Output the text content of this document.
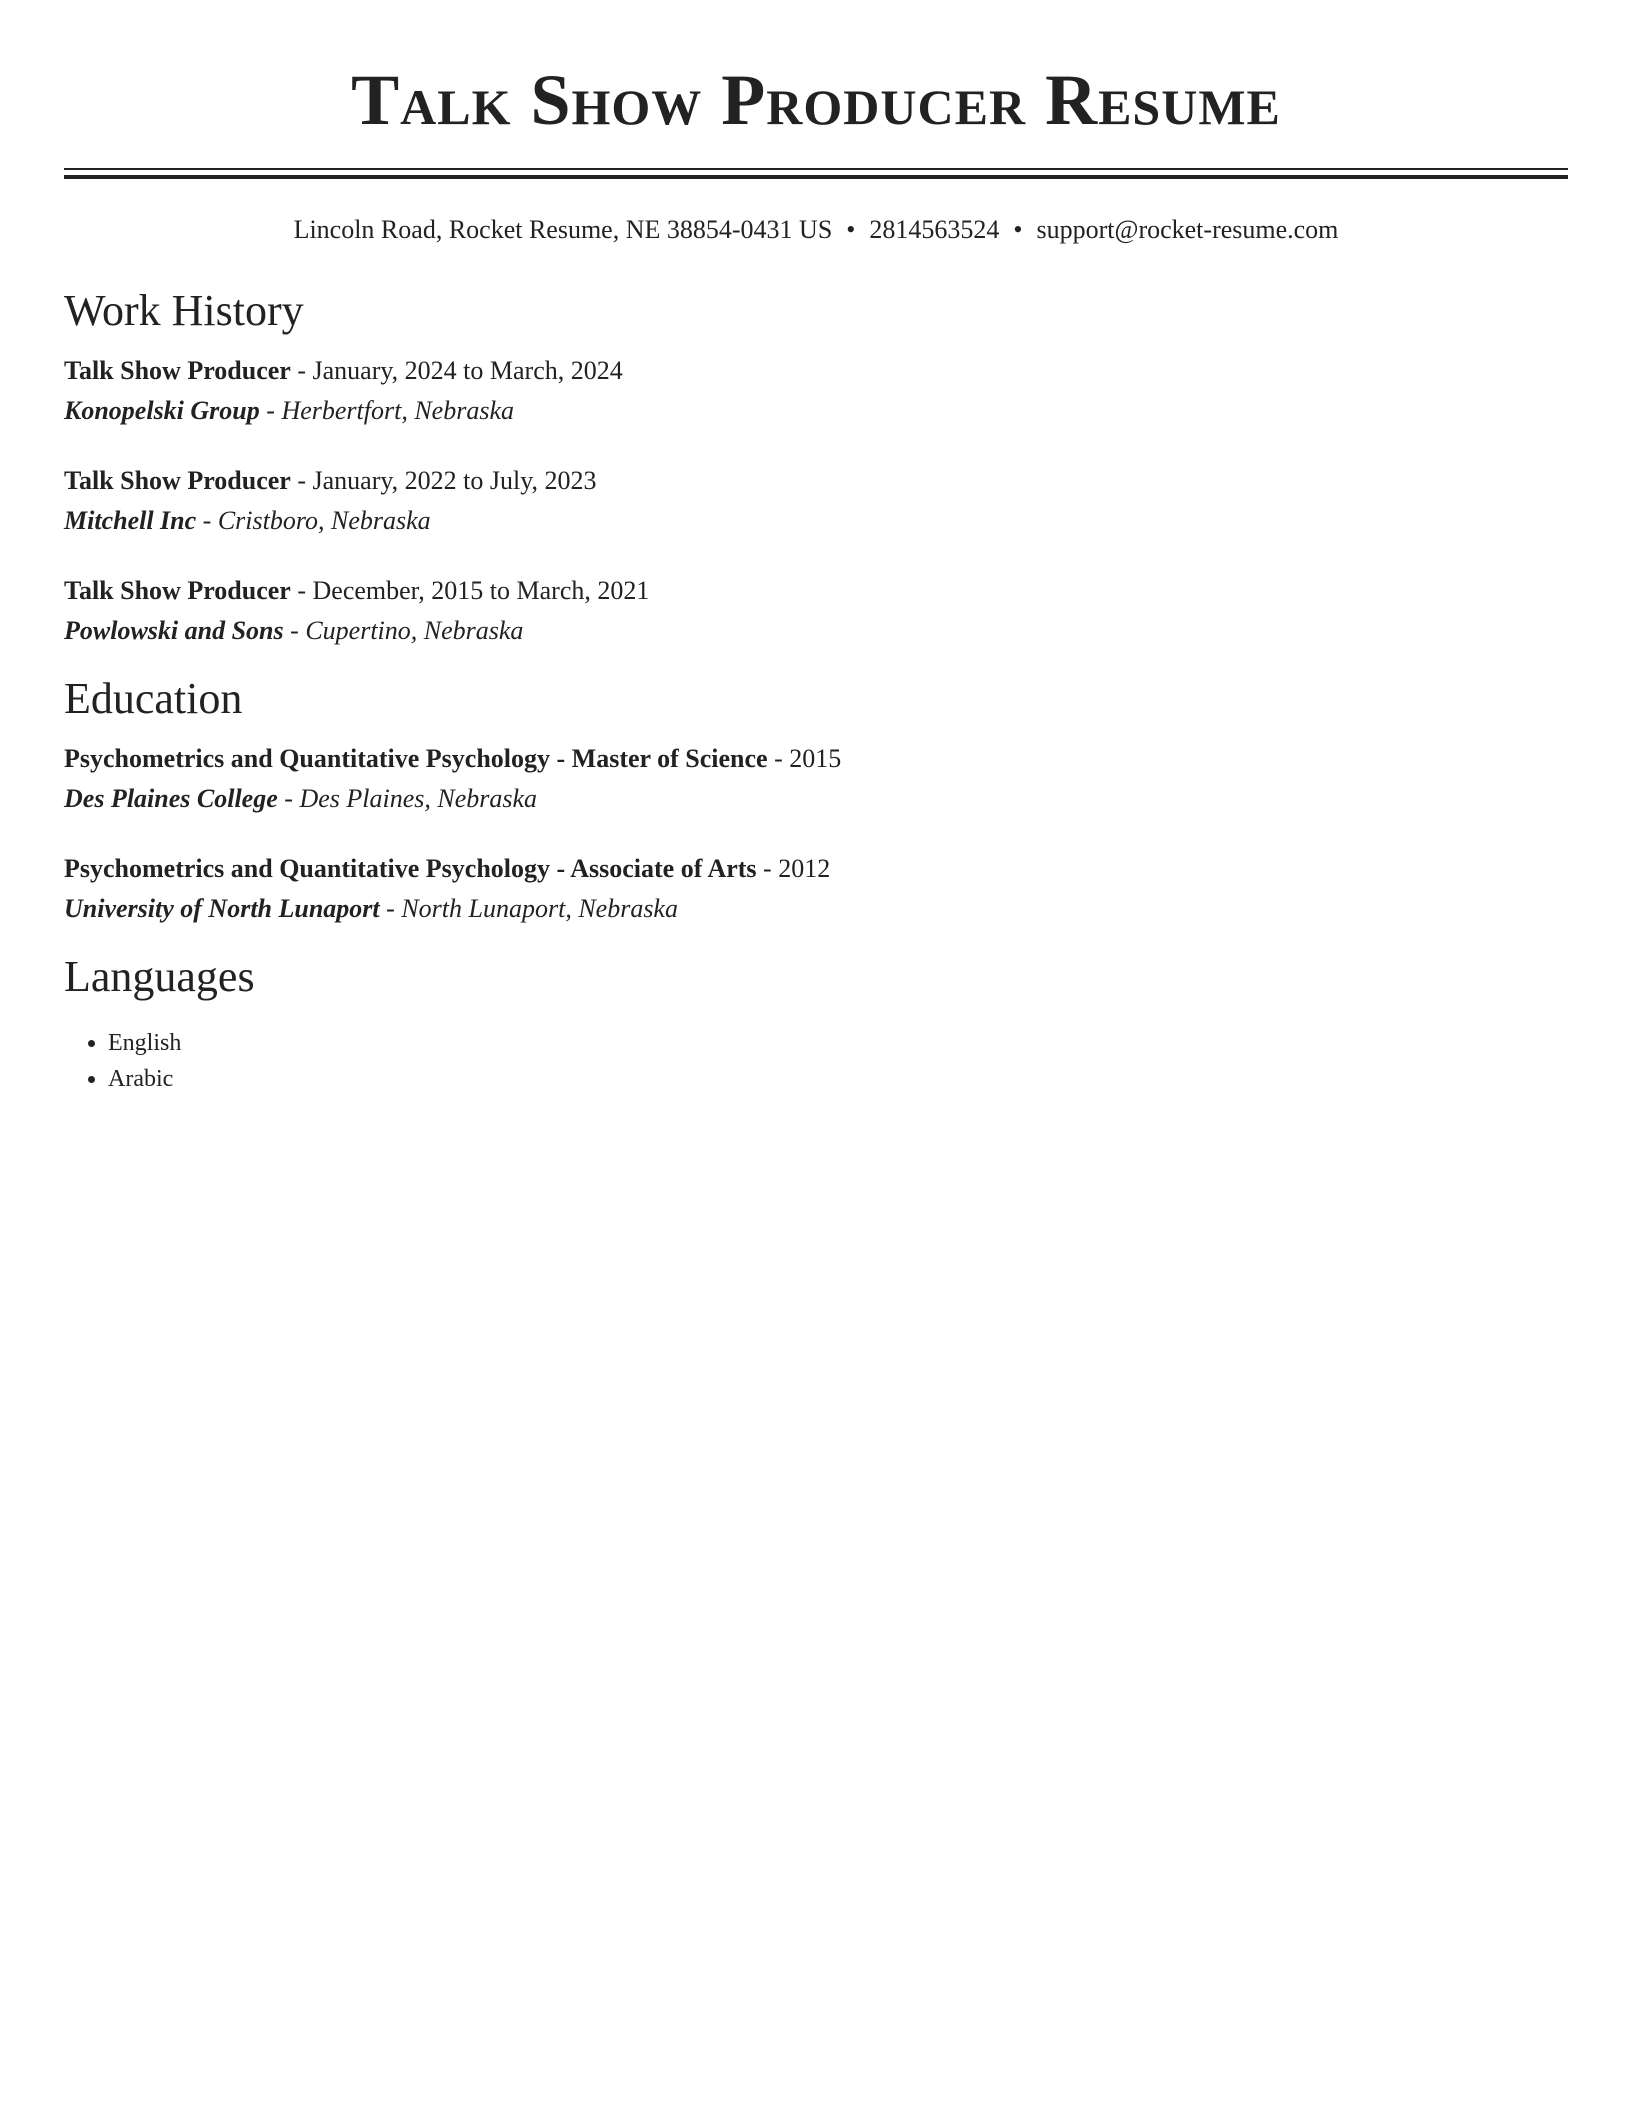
Talk Show Producer Resume
Lincoln Road, Rocket Resume, NE 38854-0431 US • 2814563524 • support@rocket-resume.com
Work History
Talk Show Producer - January, 2024 to March, 2024
Konopelski Group - Herbertfort, Nebraska
Talk Show Producer - January, 2022 to July, 2023
Mitchell Inc - Cristboro, Nebraska
Talk Show Producer - December, 2015 to March, 2021
Powlowski and Sons - Cupertino, Nebraska
Education
Psychometrics and Quantitative Psychology - Master of Science - 2015
Des Plaines College - Des Plaines, Nebraska
Psychometrics and Quantitative Psychology - Associate of Arts - 2012
University of North Lunaport - North Lunaport, Nebraska
Languages
• English
• Arabic
